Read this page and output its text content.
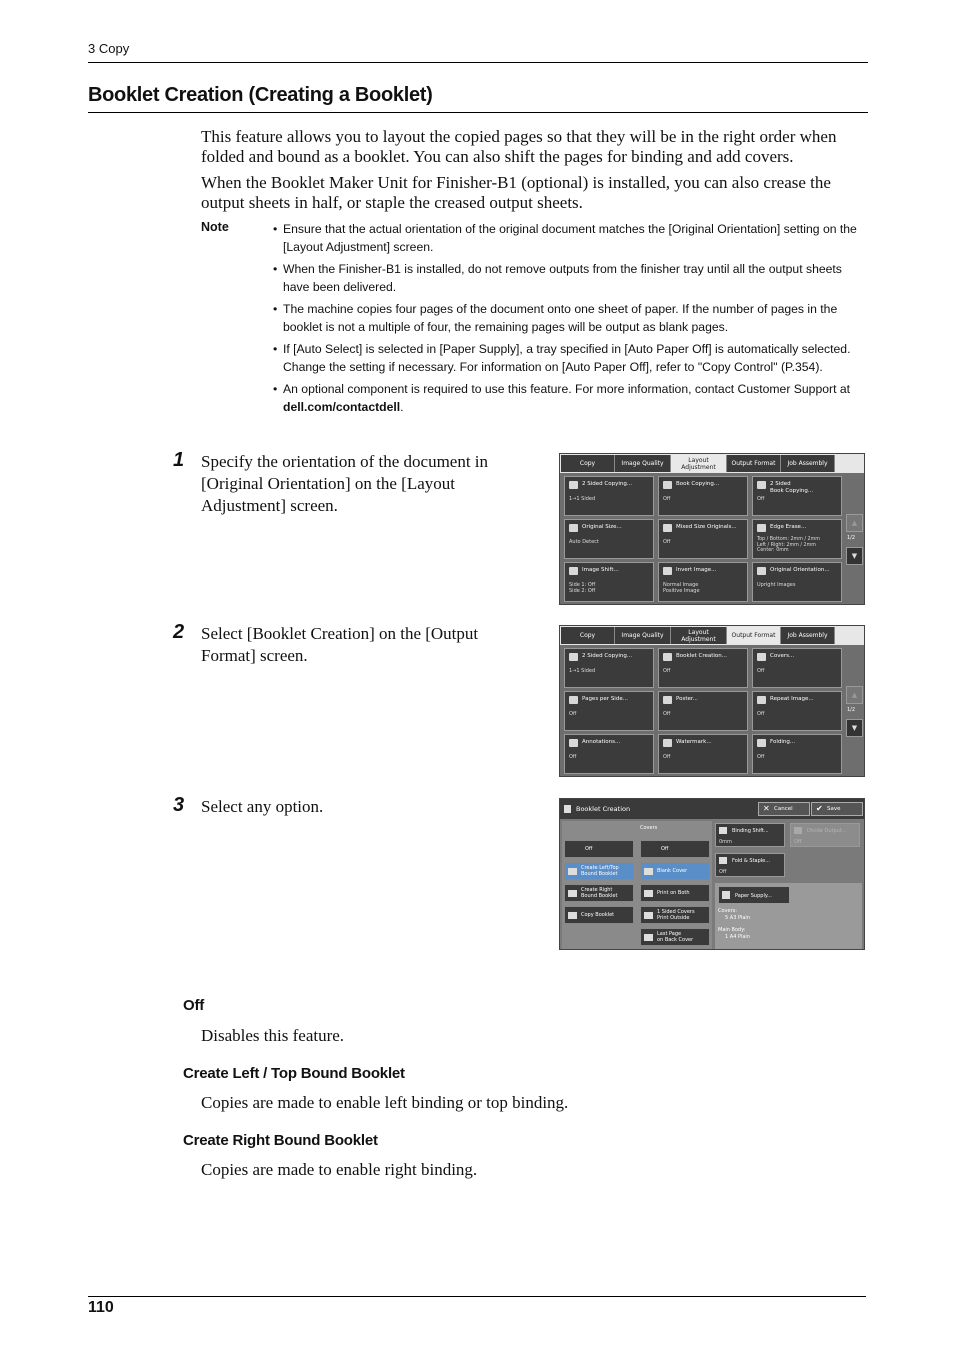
3 Copy
Booklet Creation (Creating a Booklet)
This feature allows you to layout the copied pages so that they will be in the right order when folded and bound as a booklet. You can also shift the pages for binding and add covers.
When the Booklet Maker Unit for Finisher-B1 (optional) is installed, you can also crease the output sheets in half, or staple the creased output sheets.
Note
•	Ensure that the actual orientation of the original document matches the [Original Orientation] setting on the [Layout Adjustment] screen.
• When the Finisher-B1 is installed, do not remove outputs from the finisher tray until all the output sheets have been delivered.
• The machine copies four pages of the document onto one sheet of paper. If the number of pages in the booklet is not a multiple of four, the remaining pages will be output as blank pages.
• If [Auto Select] is selected in [Paper Supply], a tray specified in [Auto Paper Off] is automatically selected. Change the setting if necessary. For information on [Auto Paper Off], refer to "Copy Control" (P.354).
• An optional component is required to use this feature. For more information, contact Customer Support at dell.com/contactdell.
1 Specify the orientation of the document in [Original Orientation] on the [Layout Adjustment] screen.
2 Select [Booklet Creation] on the [Output Format] screen.
3 Select any option.
Copy	Image Quality	Layout Adjustment
Output Format	Job Assembly
2 Sided Copying...
1→1 Sided
Book Copying...
Off
2 Sided
Book Copying...
Off
Original Size...
Auto Detect
Mixed Size Originals...
Off
Edge Erase...
Top / Bottom: 2mm / 2mm
Left / Right: 2mm / 2mm
Center: 0mm
Image Shift...
Side 1: Off
Side 2: Off
Invert Image...
Normal Image
Positive Image
Original Orientation...
Upright Images
▲
1/2
▼
Copy	Image Quality	Layout Adjustment
Output Format	Job Assembly
2 Sided Copying...
1→1 Sided
Booklet Creation...
Off
Covers...
Off
Pages per Side...
Off
Poster...
Off
Repeat Image...
Off
Annotations...
Off
Watermark...
Off
Folding...
Off
▲
1/2
▼
Booklet Creation	✕ Cancel	✔ Save
Covers
Off
Create Left/Top
Bound Booklet
Create Right
Bound Booklet
Copy Booklet
Off
Blank Cover
Print on Both
1 Sided Covers
Print Outside
Last Page
on Back Cover
Binding Shift...
0mm
Divide Output...
Off
Fold & Staple...
Off
Paper Supply...
Covers:
5 A3 Plain
Main Body:
1 A4 Plain
Off
Disables this feature.
Create Left / Top Bound Booklet
Copies are made to enable left binding or top binding.
Create Right Bound Booklet
Copies are made to enable right binding.
110
